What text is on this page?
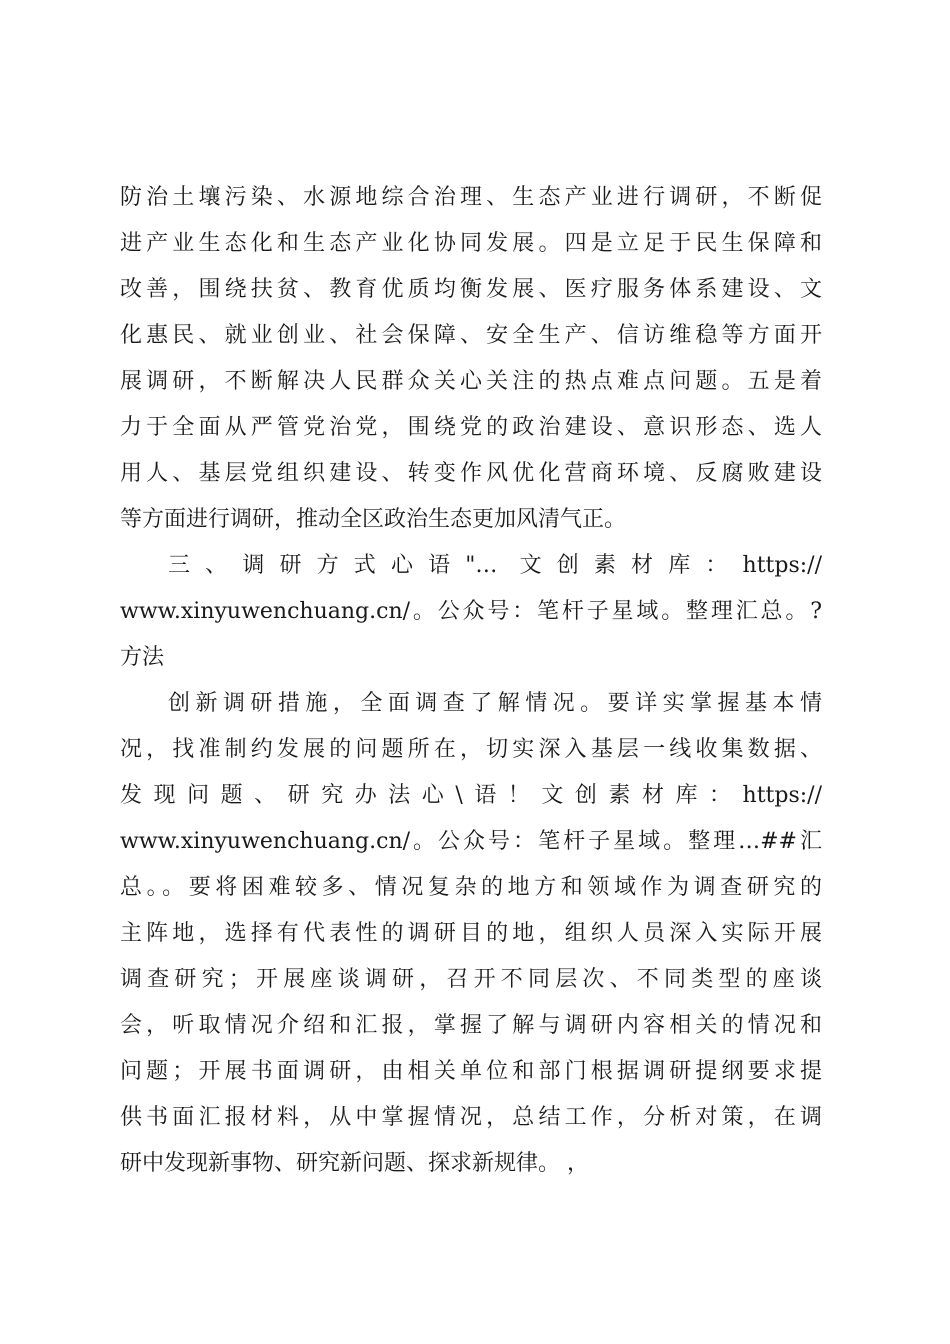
防治土壤污染、水源地综合治理、生态产业进行调研，不断促
进产业生态化和生态产业化协同发展。四是立足于民生保障和
改善，围绕扶贫、教育优质均衡发展、医疗服务体系建设、文
化惠民、就业创业、社会保障、安全生产、信访维稳等方面开
展调研，不断解决人民群众关心关注的热点难点问题。五是着
力于全面从严管党治党，围绕党的政治建设、意识形态、选人
用人、基层党组织建设、转变作风优化营商环境、反腐败建设
等方面进行调研，推动全区政治生态更加风清气正。
三、调研方式心语"… 文创素材库：https://
www.xinyuwenchuang.cn/。公众号：笔杆子星域。整理汇总。?
方法
创新调研措施，全面调查了解情况。要详实掌握基本情
况，找准制约发展的问题所在，切实深入基层一线收集数据、
发现问题、研究办法心\语！文创素材库：https://
www.xinyuwenchuang.cn/。公众号：笔杆子星域。整理…##汇
总。。要将困难较多、情况复杂的地方和领域作为调查研究的
主阵地，选择有代表性的调研目的地，组织人员深入实际开展
调查研究；开展座谈调研，召开不同层次、不同类型的座谈
会，听取情况介绍和汇报，掌握了解与调研内容相关的情况和
问题；开展书面调研，由相关单位和部门根据调研提纲要求提
供书面汇报材料，从中掌握情况，总结工作，分析对策，在调
研中发现新事物、研究新问题、探求新规律。 ，
